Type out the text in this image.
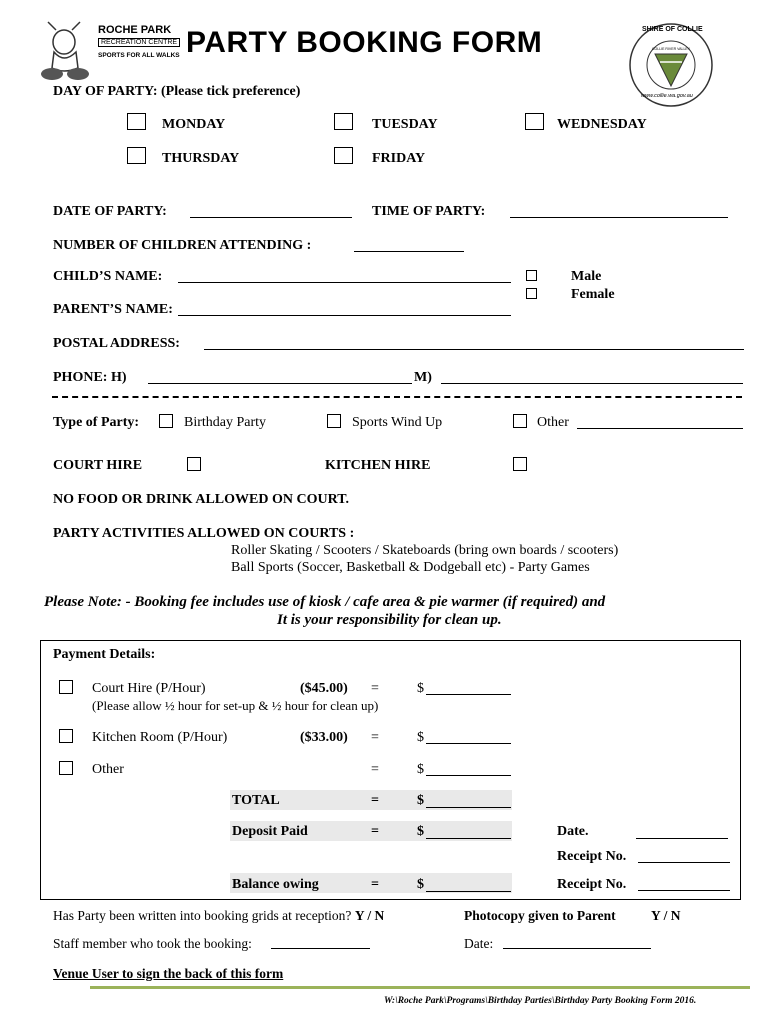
ROCHE PARK
RECREATION CENTRE
SPORTS FOR ALL WALKS PARTY BOOKING FORM	SHIRE OF COLLIE
COLLIE RIVER VALLEY
www.collie.wa.gov.au
DAY OF PARTY: (Please tick preference)
MONDAY	TUESDAY	WEDNESDAY
THURSDAY	FRIDAY
DATE OF PARTY:	TIME OF PARTY:
NUMBER OF CHILDREN ATTENDING :
CHILD’S NAME:	Male
Female
PARENT’S NAME:
POSTAL ADDRESS:
PHONE: H)	M)
Type of Party:	Birthday Party	Sports Wind Up	Other
COURT HIRE	KITCHEN HIRE
NO FOOD OR DRINK ALLOWED ON COURT.
PARTY ACTIVITIES ALLOWED ON COURTS :
Roller Skating / Scooters / Skateboards (bring own boards / scooters)
Ball Sports (Soccer, Basketball & Dodgeball etc) - Party Games
Please Note: - Booking fee includes use of kiosk / cafe area & pie warmer (if required) and
It is your responsibility for clean up.
Payment Details:
Court Hire (P/Hour)	($45.00) =	$
(Please allow ½ hour for set-up & ½ hour for clean up)
Kitchen Room (P/Hour)	($33.00) =	$
Other	=	$
TOTAL	=	$
Deposit Paid	=	$	Date.
Receipt No.
Balance owing	=	$	Receipt No.
Has Party been written into booking grids at reception? Y / N	Photocopy given to Parent	Y / N
Staff member who took the booking:	Date:
Venue User to sign the back of this form
W:\Roche Park\Programs\Birthday Parties\Birthday Party Booking Form 2016.
